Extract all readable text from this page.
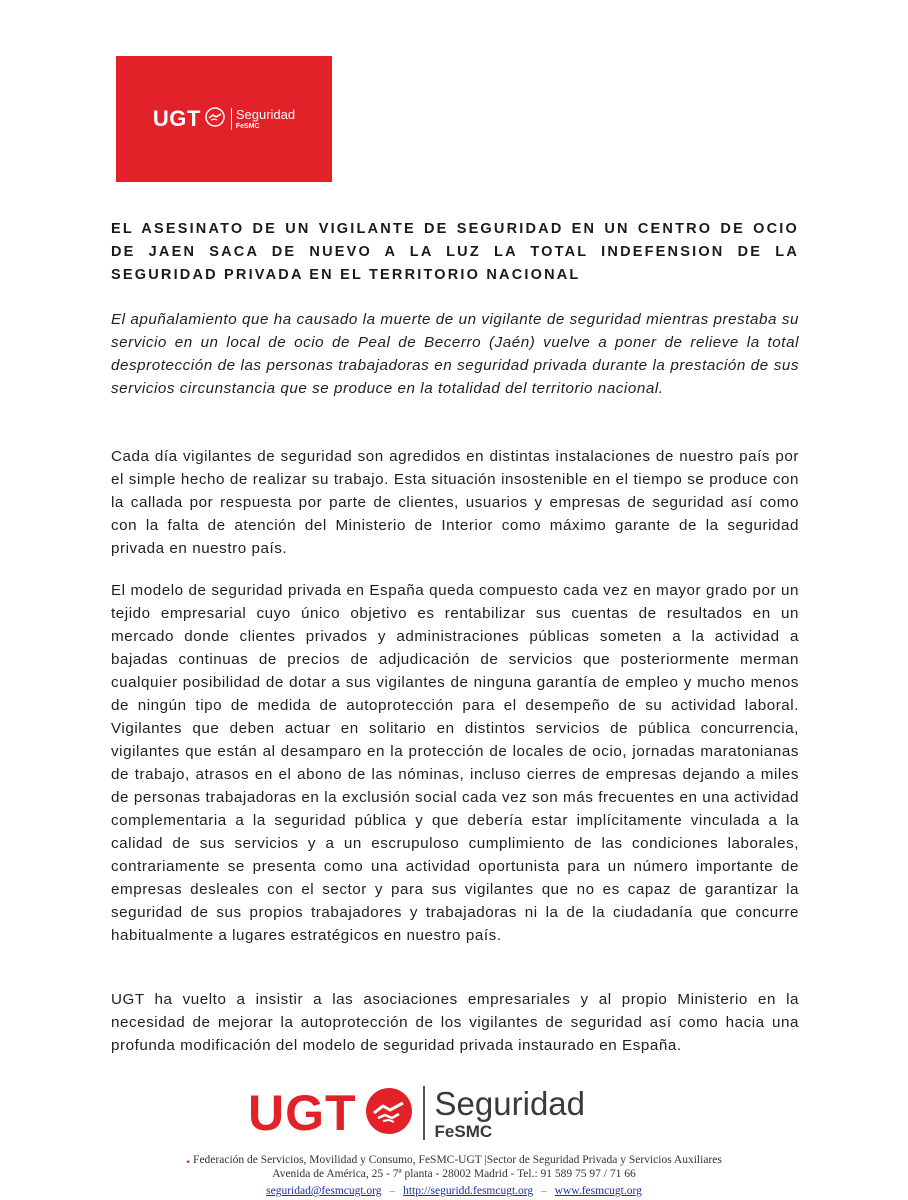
UGT	Seguridad
FeSMC
EL ASESINATO DE UN VIGILANTE DE SEGURIDAD EN UN CENTRO DE OCIO DE JAEN SACA DE NUEVO A LA LUZ LA TOTAL INDEFENSION DE LA SEGURIDAD PRIVADA EN EL TERRITORIO NACIONAL
El apuñalamiento que ha causado la muerte de un vigilante de seguridad mientras prestaba su servicio en un local de ocio de Peal de Becerro (Jaén) vuelve a poner de relieve la total desprotección de las personas trabajadoras en seguridad privada durante la prestación de sus servicios circunstancia que se produce en la totalidad del territorio nacional.
Cada día vigilantes de seguridad son agredidos en distintas instalaciones de nuestro país por el simple hecho de realizar su trabajo. Esta situación insostenible en el tiempo se produce con la callada por respuesta por parte de clientes, usuarios y empresas de seguridad así como con la falta de atención del Ministerio de Interior como máximo garante de la seguridad privada en nuestro país.
El modelo de seguridad privada en España queda compuesto cada vez en mayor grado por un tejido empresarial cuyo único objetivo es rentabilizar sus cuentas de resultados en un mercado donde clientes privados y administraciones públicas someten a la actividad a bajadas continuas de precios de adjudicación de servicios que posteriormente merman cualquier posibilidad de dotar a sus vigilantes de ninguna garantía de empleo y mucho menos de ningún tipo de medida de autoprotección para el desempeño de su actividad laboral. Vigilantes que deben actuar en solitario en distintos servicios de pública concurrencia, vigilantes que están al desamparo en la protección de locales de ocio, jornadas maratonianas de trabajo, atrasos en el abono de las nóminas, incluso cierres de empresas dejando a miles de personas trabajadoras en la exclusión social cada vez son más frecuentes en una actividad complementaria a la seguridad pública y que debería estar implícitamente vinculada a la calidad de sus servicios y a un escrupuloso cumplimiento de las condiciones laborales, contrariamente se presenta como una actividad oportunista para un número importante de empresas desleales con el sector y para sus vigilantes que no es capaz de garantizar la seguridad de sus propios trabajadores y trabajadoras ni la de la ciudadanía que concurre habitualmente a lugares estratégicos en nuestro país.
UGT ha vuelto a insistir a las asociaciones empresariales y al propio Ministerio en la necesidad de mejorar la autoprotección de los vigilantes de seguridad así como hacia una profunda modificación del modelo de seguridad privada instaurado en España.
UGT Seguridad
FeSMC
. Federación de Servicios, Movilidad y Consumo, FeSMC-UGT |Sector de Seguridad Privada y Servicios Auxiliares
Avenida de América, 25 - 7ª planta - 28002 Madrid - Tel.: 91 589 75 97 / 71 66
seguridad@fesmcugt.org – http://seguridd.fesmcugt.org – www.fesmcugt.org
